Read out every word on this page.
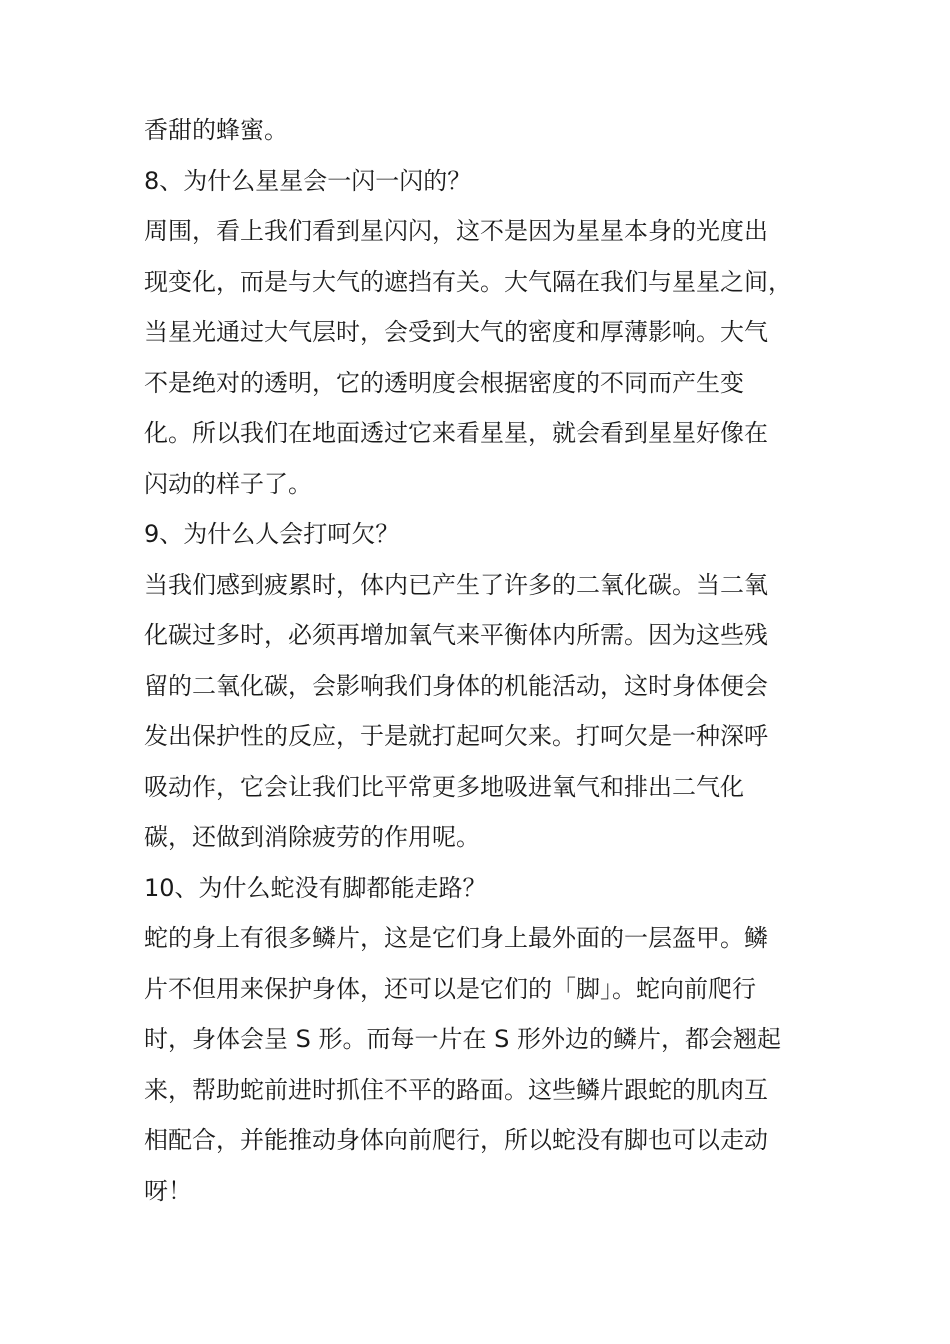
香甜的蜂蜜。
8、为什么星星会一闪一闪的？
周围，看上我们看到星闪闪，这不是因为星星本身的光度出
现变化，而是与大气的遮挡有关。大气隔在我们与星星之间，
当星光通过大气层时，会受到大气的密度和厚薄影响。大气
不是绝对的透明，它的透明度会根据密度的不同而产生变
化。所以我们在地面透过它来看星星，就会看到星星好像在
闪动的样子了。
9、为什么人会打呵欠？
当我们感到疲累时，体内已产生了许多的二氧化碳。当二氧
化碳过多时，必须再增加氧气来平衡体内所需。因为这些残
留的二氧化碳，会影响我们身体的机能活动，这时身体便会
发出保护性的反应，于是就打起呵欠来。打呵欠是一种深呼
吸动作，它会让我们比平常更多地吸进氧气和排出二气化
碳，还做到消除疲劳的作用呢。
10、为什么蛇没有脚都能走路？
蛇的身上有很多鳞片，这是它们身上最外面的一层盔甲。鳞
片不但用来保护身体，还可以是它们的「脚」。蛇向前爬行
时，身体会呈 S 形。而每一片在 S 形外边的鳞片，都会翘起
来，帮助蛇前进时抓住不平的路面。这些鳞片跟蛇的肌肉互
相配合，并能推动身体向前爬行，所以蛇没有脚也可以走动
呀！
